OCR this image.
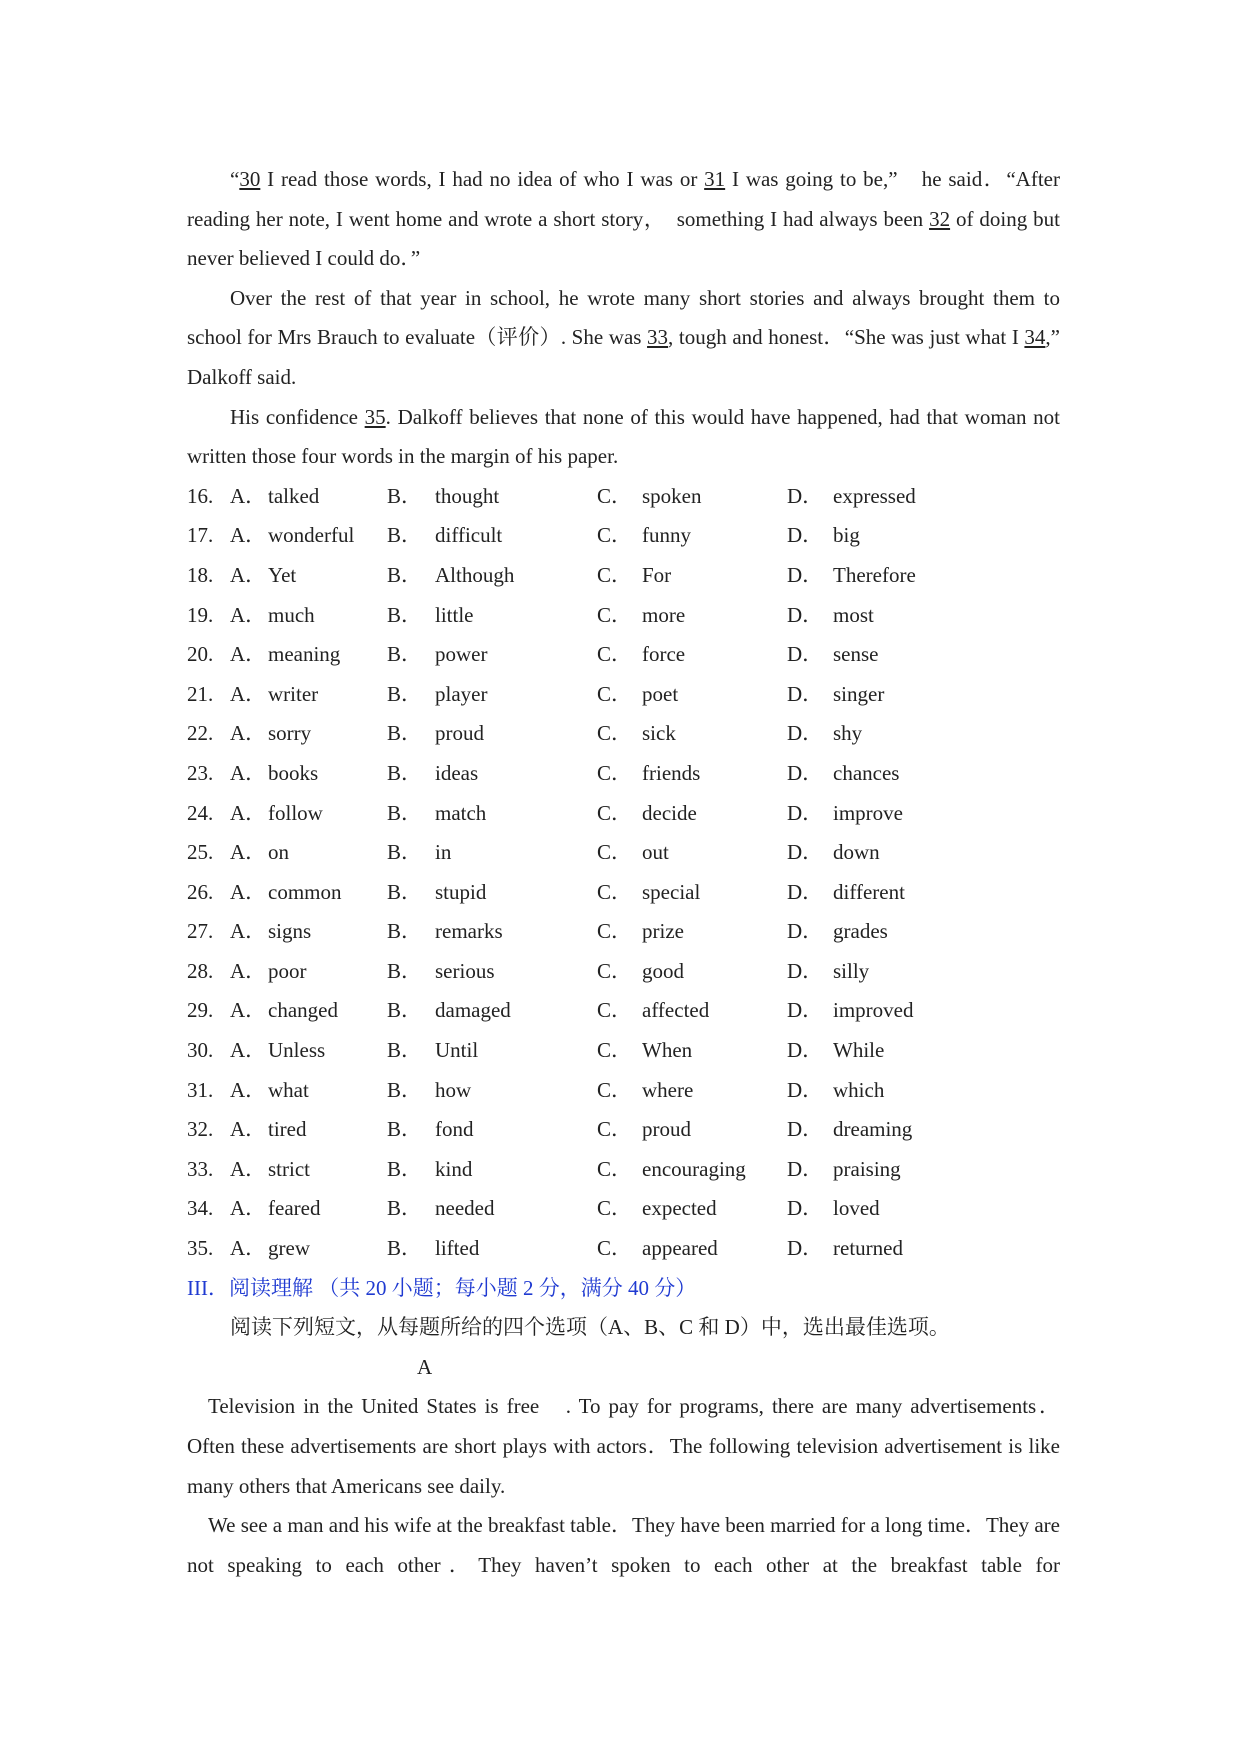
“30 I read those words, I had no idea of who I was or 31 I was going to be,”　he said．“After reading her note, I went home and wrote a short story，　something I had always been 32 of doing but never believed I could do．”

Over the rest of that year in school, he wrote many short stories and always brought them to school for Mrs Brauch to evaluate（评价）. She was 33, tough and honest．“She was just what I 34,”　Dalkoff said.

His confidence 35. Dalkoff believes that none of this would have happened, had that woman not written those four words in the margin of his paper.

16. A． talked	B． thought	C． spoken	D． expressed
17. A． wonderful B． difficult	C． funny	D． big
18. A． Yet	B． Although	C． For	D． Therefore
19. A． much	B． little	C． more	D． most
20. A． meaning B． power	C． force	D． sense
21. A． writer	B． player	C． poet	D． singer
22. A． sorry	B． proud	C． sick	D． shy
23. A． books	B． ideas	C． friends	D． chances
24. A． follow	B． match	C． decide	D． improve
25. A． on	B． in	C． out	D． down
26. A． common B． stupid	C． special	D． different
27. A． signs	B． remarks	C． prize	D． grades
28. A． poor	B． serious	C． good	D． silly
29. A． changed B． damaged	C． affected	D． improved
30. A． Unless	B． Until	C． When	D． While
31. A． what	B． how	C． where	D． which
32. A． tired	B． fond	C． proud	D． dreaming
33. A． strict	B． kind	C． encouraging D． praising
34. A． feared	B． needed	C． expected	D． loved
35. A． grew	B． lifted	C． appeared	D． returned

III．阅读理解 （共 20 小题；每小题 2 分，满分 40 分）

阅读下列短文，从每题所给的四个选项（A、B、C 和 D）中，选出最佳选项。

A

Television in the United States is free　. To pay for programs, there are many advertisements．Often these advertisements are short plays with actors．The following television advertisement is like many others that Americans see daily.

We see a man and his wife at the breakfast table．They have been married for a long time．They are not speaking to each other．They haven’t spoken to each other at the breakfast table for
